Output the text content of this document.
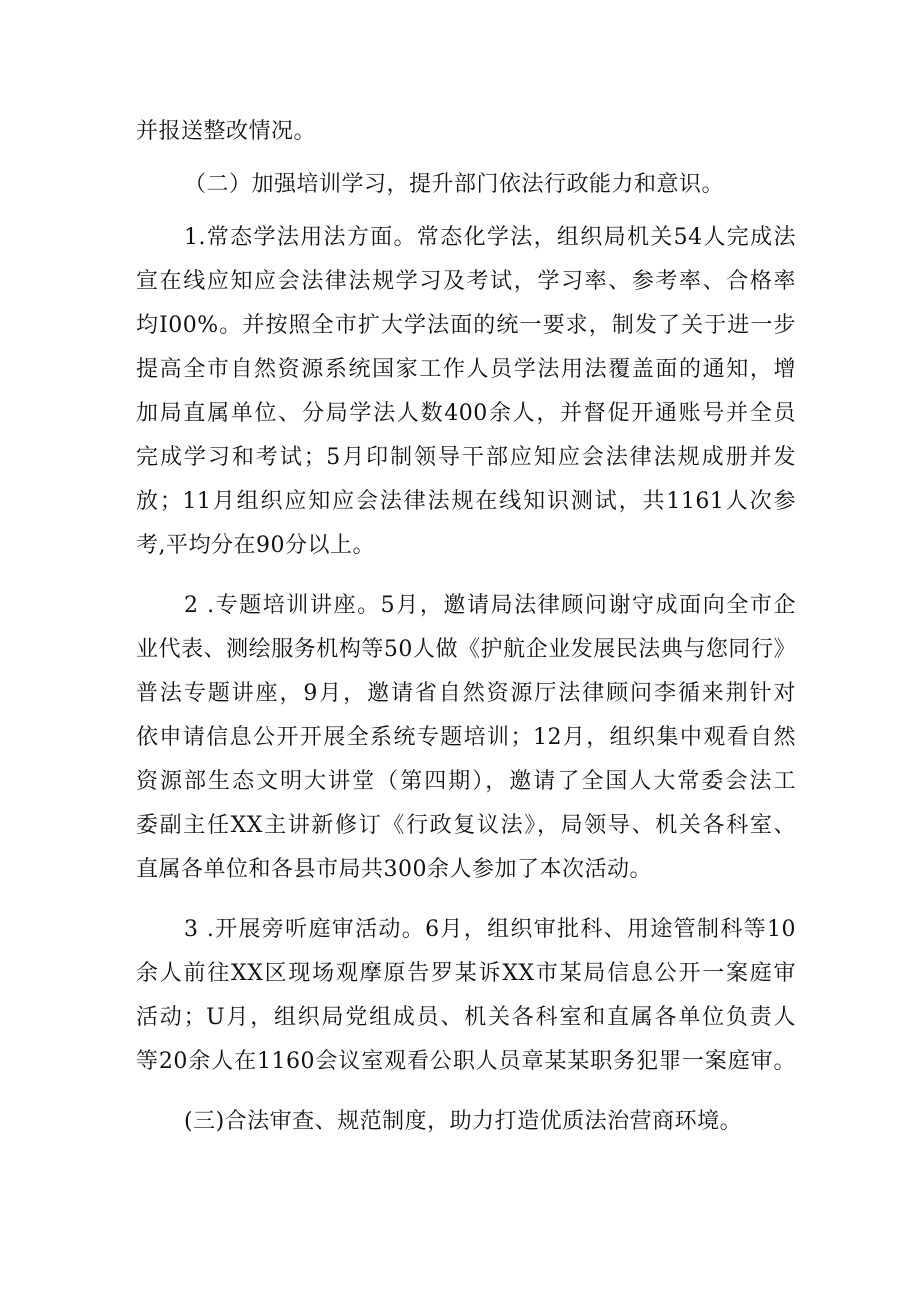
并报送整改情况。
（二）加强培训学习，提升部门依法行政能力和意识。
1.常态学法用法方面。常态化学法，组织局机关54人完成法
宣在线应知应会法律法规学习及考试，学习率、参考率、合格率
均I00%。并按照全市扩大学法面的统一要求，制发了关于进一步
提高全市自然资源系统国家工作人员学法用法覆盖面的通知，增
加局直属单位、分局学法人数400余人，并督促开通账号并全员
完成学习和考试；5月印制领导干部应知应会法律法规成册并发
放；11月组织应知应会法律法规在线知识测试，共1161人次参
考,平均分在90分以上。
2 .专题培训讲座。5月，邀请局法律顾问谢守成面向全市企
业代表、测绘服务机构等50人做《护航企业发展民法典与您同行》
普法专题讲座，9月，邀请省自然资源厅法律顾问李循来荆针对
依申请信息公开开展全系统专题培训；12月，组织集中观看自然
资源部生态文明大讲堂（第四期），邀请了全国人大常委会法工
委副主任XX主讲新修订《行政复议法》，局领导、机关各科室、
直属各单位和各县市局共300余人参加了本次活动。
3 .开展旁听庭审活动。6月，组织审批科、用途管制科等10
余人前往XX区现场观摩原告罗某诉XX市某局信息公开一案庭审
活动；U月，组织局党组成员、机关各科室和直属各单位负责人
等20余人在1160会议室观看公职人员章某某职务犯罪一案庭审。
(三)合法审查、规范制度，助力打造优质法治营商环境。
